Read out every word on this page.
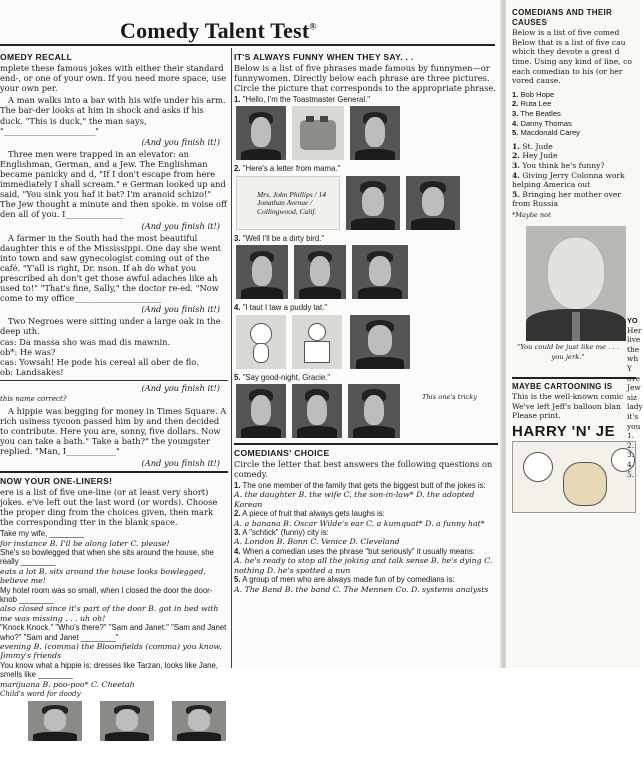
Comedy Talent Test®
OMEDY RECALL
mplete these famous jokes with either their standard end-, or one of your own. If you need more space, use your own per.
A man walks into a bar with his wife under his arm. The bar-der looks at him in shock and asks if his duck. "This is duck," the man says, "______________________"
(And you finish it!)
Three men were trapped in an elevator: an Englishman, German, and a Jew. The Englishman became panicky and d, "If I don't escape from here immediately I shall scream." e German looked up and said, "You sink you haf it bat? I'm aranoid schizo!" The Jew thought a minute and then spoke. m voise off den all of you. I______________
(And you finish it!)
A farmer in the South had the most beautiful daughter this e of the Mississippi. One day she went into town and saw gynecologist coming out of the café. "Y'all is right, Dr. nson. If ah do what you prescribed ah don't get those awful adaches like ah used to!" "That's fine, Sally," the doctor re-ed. "Now come to my office_____________________
(And you finish it!)
Two Negroes were sitting under a large oak in the deep uth.
cas: Da massa sho was mad dis mawnin.
ob*: He was?
cas: Yowsah! He pode his cereal all ober de flo.
ob: Landsakes!
(And you finish it!)
this name correct?
A hippie was begging for money in Times Square. A rich usiness tycoon passed him by and then decided to contribute. Here you are, sonny, five dollars. Now you can take a bath." Take a bath?" the youngster replied. "Man, I____________"
(And you finish it!)
NOW YOUR ONE-LINERS!
ere is a list of five one-line (or at least very short) jokes. e've left out the last word (or words). Choose the proper ding from the choices given, then mark the corresponding tter in the blank space.
Take my wife, ________
for instance B. I'll be along later C. please!
She's so bowlegged that when she sits around the house, she really ________
eats a lot B. sits around the house looks bowlegged, believe me!
My hotel room was so small, when I closed the door the door-knob ________
also closed since it's part of the door B. got in bed with me was missing . . . uh oh!
"Knock Knock." "Who's there?" "Sam and Janet." "Sam and Janet who?" "Sam and Janet ________"
evening B. (comma) the Bloomfields (comma) you know, Jimmy's friends
You know what a hippie is: dresses like Tarzan, looks like Jane, smells like ________
marijuana B. poo-poo* C. Cheetah
Child's word for doody
IT'S ALWAYS FUNNY WHEN THEY SAY. . .
Below is a list of five phrases made famous by funnymen—or funnywomen. Directly below each phrase are three pictures. Circle the picture that corresponds to the appropriate phrase.
1. "Hello, I'm the Toastmaster General."
2. "Here's a letter from mama."
Mrs. John Phillips / 14 Jonathan Avenue / Collingwood, Calif.
3. "Well I'll be a dirty bird."
4. "I taut I taw a puddy tat."
5. "Say good-night, Gracie."
This one's tricky
COMEDIANS' CHOICE
Circle the letter that best answers the following questions on comedy.
1. The one member of the family that gets the biggest butt of the jokes is:
A. the daughter B. the wife C. the son-in-law* D. the adopted Korean
2. A piece of fruit that always gets laughs is:
A. a banana B. Oscar Wilde's ear C. a kumquat* D. a funny hat*
3. A "schtick" (funny) city is:
A. London B. Bonn C. Venice D. Cleveland
4. When a comedian uses the phrase "but seriously" it usually means:
A. he's ready to stop all the joking and talk sense B. he's dying C. nothing D. he's spotted a nun
5. A group of men who are always made fun of by comedians is:
A. The Band B. the band C. The Mennen Co. D. systems analysts
COMEDIANS AND THEIR CAUSES
Below is a list of five comed Below that is a list of five cau which they devote a great d time. Using any kind of line, co each comedian to his (or her vored cause.
1. Bob Hope
2. Ruta Lee
3. The Beatles
4. Danny Thomas
5. Macdonald Carey
1. St. Jude
2. Hey Jude
3. You think he's funny?
4. Giving Jerry Colonna work helping America out
5. Bringing her mother over from Russia
*Maybe not
"You could be just like me . . . you jerk."
MAYBE CARTOONING IS
This is the well-known comic We've left Jeff's balloon blan Please print.
HARRY 'N' JE
YO
Her
live
the
wh
Y
ove
Jew
siz
lady
it's
you
1.
2.
3.
4.
5.
